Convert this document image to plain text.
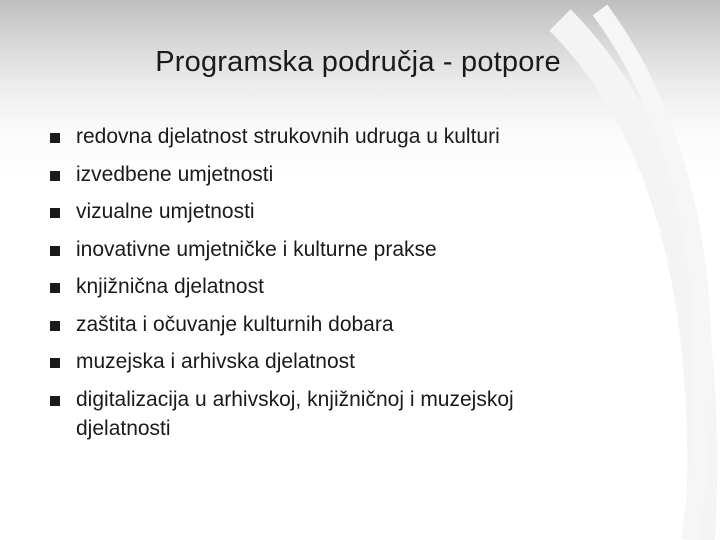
Programska područja - potpore
redovna djelatnost strukovnih udruga u kulturi
izvedbene umjetnosti
vizualne umjetnosti
inovativne umjetničke i kulturne prakse
knjižnična djelatnost
zaštita i očuvanje kulturnih dobara
muzejska i arhivska djelatnost
digitalizacija u arhivskoj, knjižničnoj i muzejskoj djelatnosti
